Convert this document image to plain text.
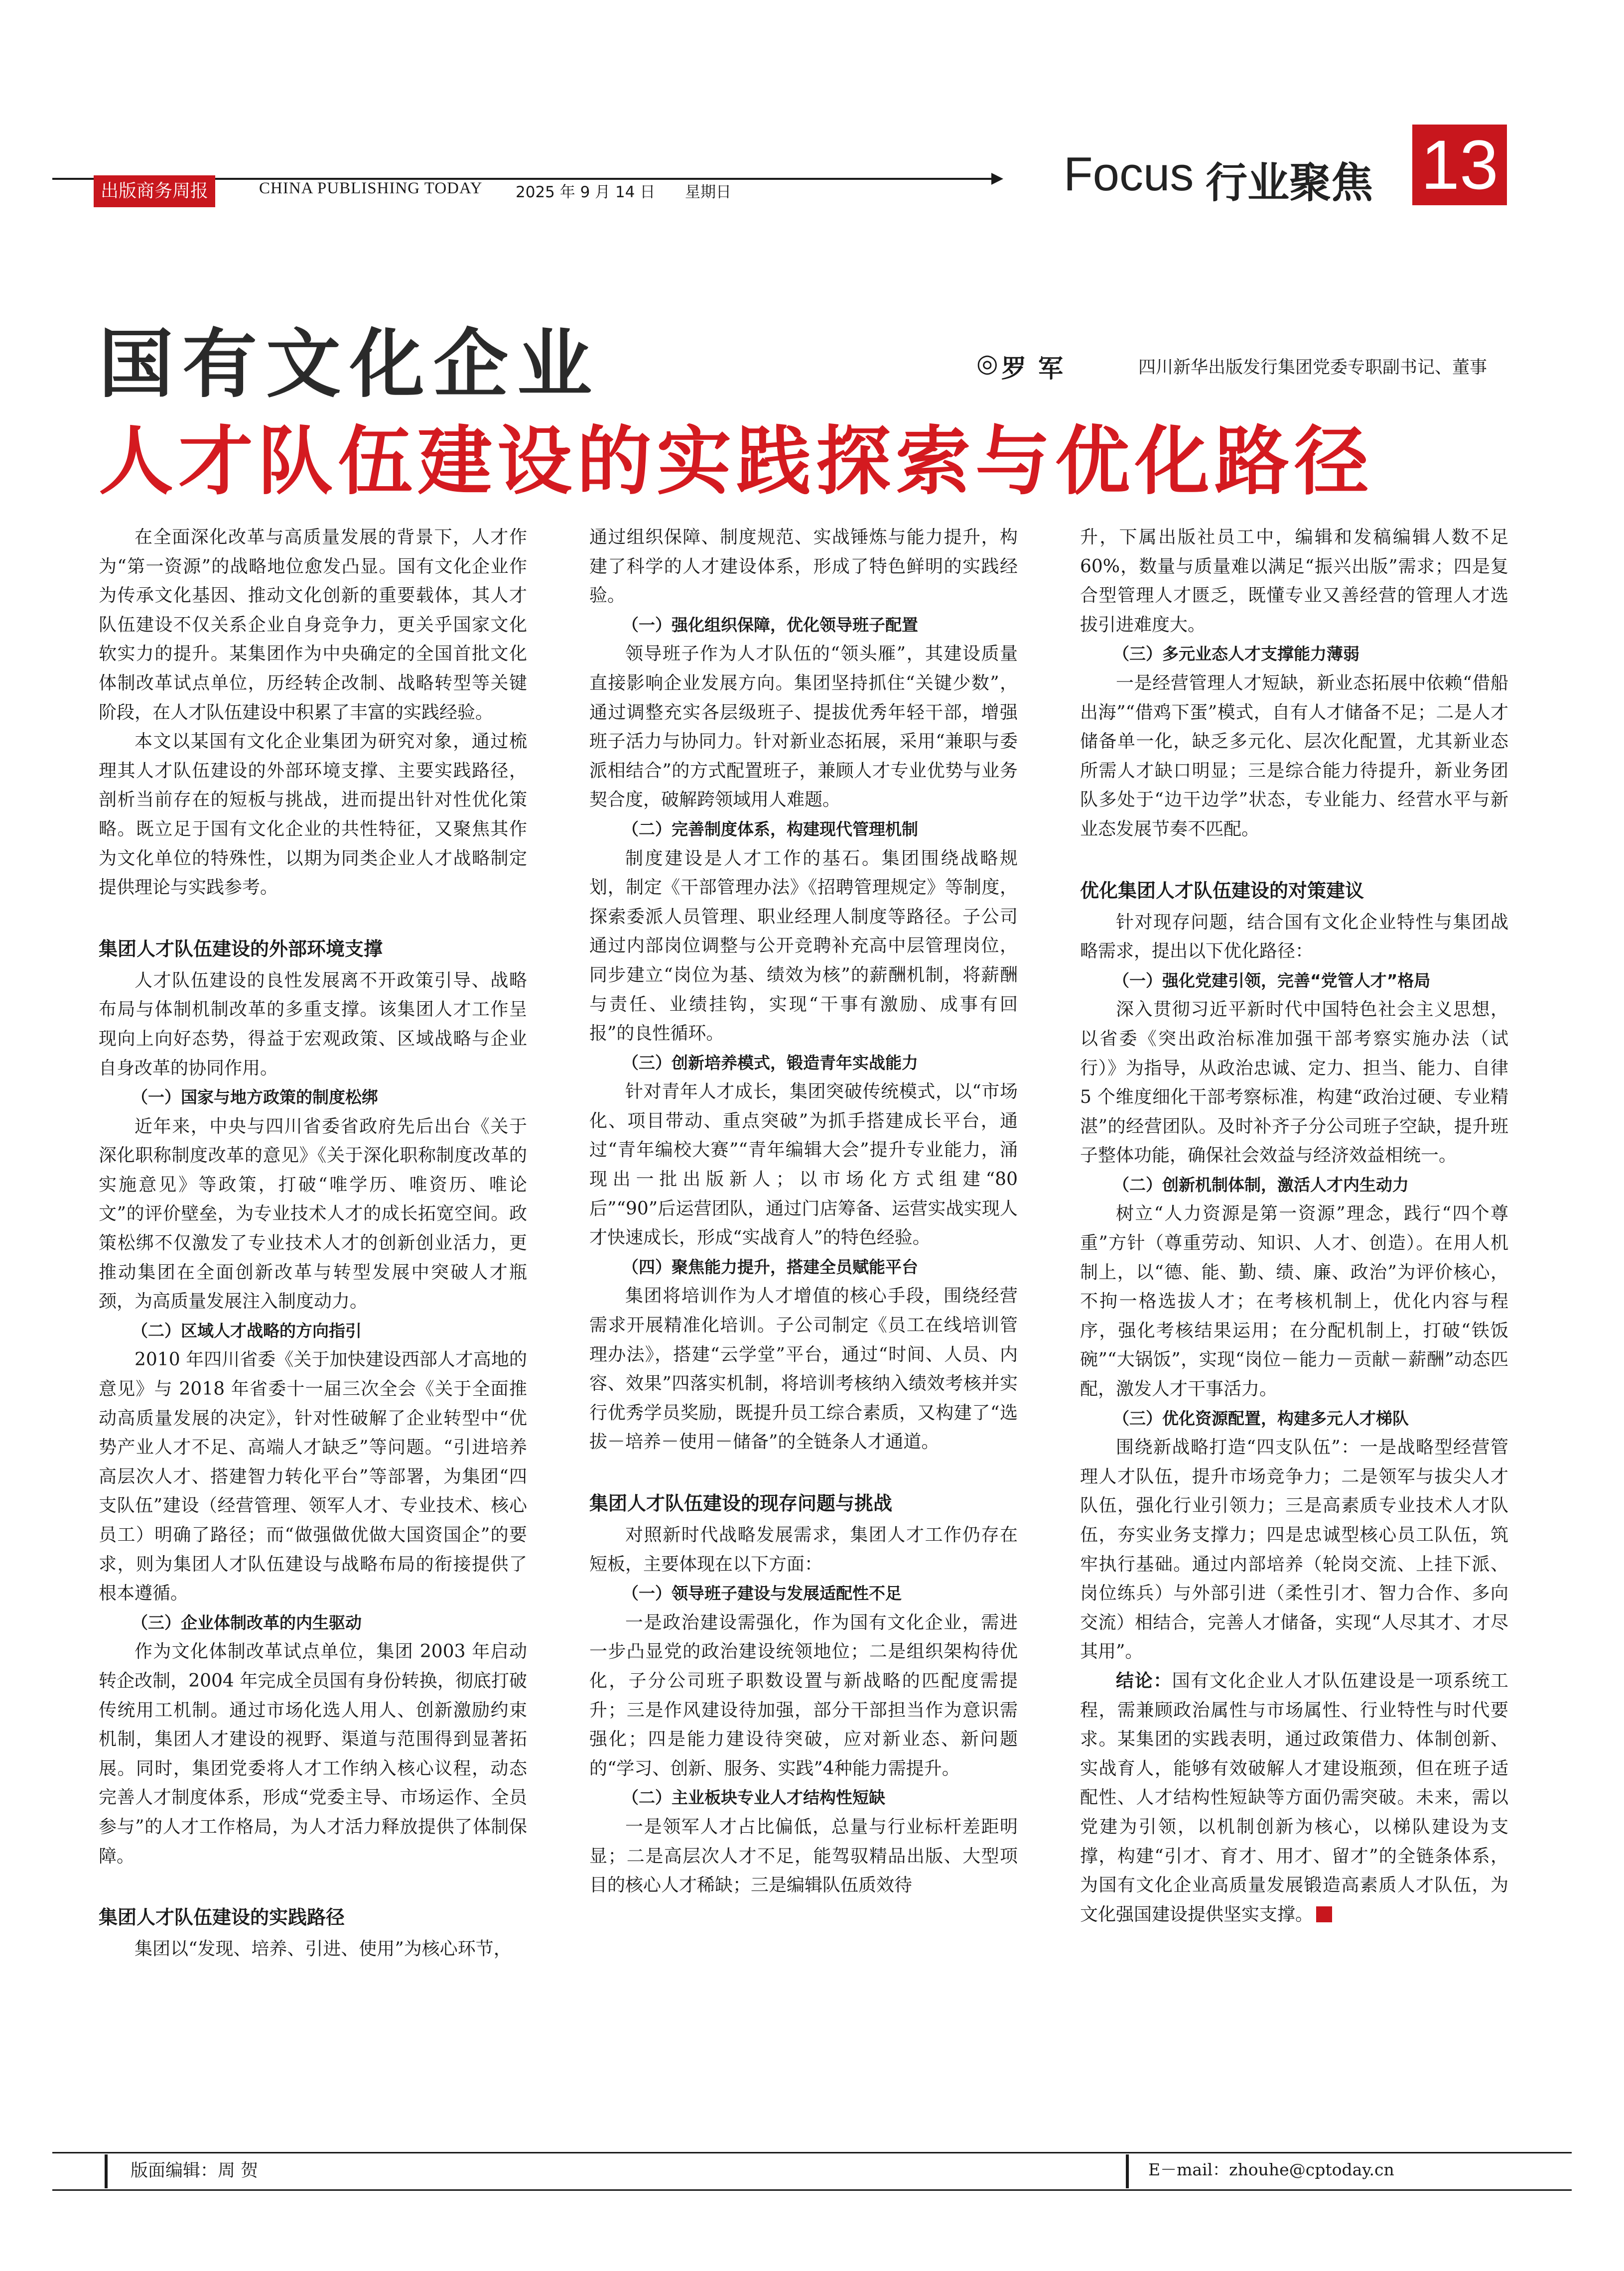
出版商务周报	CHINA PUBLISHING TODAY 2025 年 9 月 14 日 星期日	Focus 行业聚焦 13
国有文化企业
人才队伍建设的实践探索与优化路径
◎ 罗军	四川新华出版发行集团党委专职副书记、董事

在全面深化改革与高质量发展的背景下，人才作为“第一资源”的战略地位愈发凸显。国有文化企业作为传承文化基因、推动文化创新的重要载体，其人才队伍建设不仅关系企业自身竞争力，更关乎国家文化软实力的提升。某集团作为中央确定的全国首批文化体制改革试点单位，历经转企改制、战略转型等关键阶段，在人才队伍建设中积累了丰富的实践经验。

本文以某国有文化企业集团为研究对象，通过梳理其人才队伍建设的外部环境支撑、主要实践路径，剖析当前存在的短板与挑战，进而提出针对性优化策略。既立足于国有文化企业的共性特征，又聚焦其作为文化单位的特殊性，以期为同类企业人才战略制定提供理论与实践参考。

集团人才队伍建设的外部环境支撑

人才队伍建设的良性发展离不开政策引导、战略布局与体制机制改革的多重支撑。该集团人才工作呈现向上向好态势，得益于宏观政策、区域战略与企业自身改革的协同作用。

（一）国家与地方政策的制度松绑

近年来，中央与四川省委省政府先后出台《关于深化职称制度改革的意见》《关于深化职称制度改革的实施意见》等政策，打破“唯学历、唯资历、唯论文”的评价壁垒，为专业技术人才的成长拓宽空间。政策松绑不仅激发了专业技术人才的创新创业活力，更推动集团在全面创新改革与转型发展中突破人才瓶颈，为高质量发展注入制度动力。

（二）区域人才战略的方向指引

2010 年四川省委《关于加快建设西部人才高地的意见》与 2018 年省委十一届三次全会《关于全面推动高质量发展的决定》，针对性破解了企业转型中“优势产业人才不足、高端人才缺乏”等问题。“引进培养高层次人才、搭建智力转化平台”等部署，为集团“四支队伍”建设（经营管理、领军人才、专业技术、核心员工）明确了路径；而“做强做优做大国资国企”的要求，则为集团人才队伍建设与战略布局的衔接提供了根本遵循。

（三）企业体制改革的内生驱动

作为文化体制改革试点单位，集团 2003 年启动转企改制，2004 年完成全员国有身份转换，彻底打破传统用工机制。通过市场化选人用人、创新激励约束机制，集团人才建设的视野、渠道与范围得到显著拓展。同时，集团党委将人才工作纳入核心议程，动态完善人才制度体系，形成“党委主导、市场运作、全员参与”的人才工作格局，为人才活力释放提供了体制保障。

集团人才队伍建设的实践路径

集团以“发现、培养、引进、使用”为核心环节，

通过组织保障、制度规范、实战锤炼与能力提升，构建了科学的人才建设体系，形成了特色鲜明的实践经验。

（一）强化组织保障，优化领导班子配置

领导班子作为人才队伍的“领头雁”，其建设质量直接影响企业发展方向。集团坚持抓住“关键少数”，通过调整充实各层级班子、提拔优秀年轻干部，增强班子活力与协同力。针对新业态拓展，采用“兼职与委派相结合”的方式配置班子，兼顾人才专业优势与业务契合度，破解跨领域用人难题。

（二）完善制度体系，构建现代管理机制

制度建设是人才工作的基石。集团围绕战略规划，制定《干部管理办法》《招聘管理规定》等制度，探索委派人员管理、职业经理人制度等路径。子公司通过内部岗位调整与公开竞聘补充高中层管理岗位，同步建立“岗位为基、绩效为核”的薪酬机制，将薪酬与责任、业绩挂钩，实现“干事有激励、成事有回报”的良性循环。

（三）创新培养模式，锻造青年实战能力

针对青年人才成长，集团突破传统模式，以“市场化、项目带动、重点突破”为抓手搭建成长平台，通过“青年编校大赛”“青年编辑大会”提升专业能力，涌现出一批出版新人；以市场化方式组建“80 后”“90”后运营团队，通过门店筹备、运营实战实现人才快速成长，形成“实战育人”的特色经验。

（四）聚焦能力提升，搭建全员赋能平台

集团将培训作为人才增值的核心手段，围绕经营需求开展精准化培训。子公司制定《员工在线培训管理办法》，搭建“云学堂”平台，通过“时间、人员、内容、效果”四落实机制，将培训考核纳入绩效考核并实行优秀学员奖励，既提升员工综合素质，又构建了“选拔－培养－使用－储备”的全链条人才通道。

集团人才队伍建设的现存问题与挑战

对照新时代战略发展需求，集团人才工作仍存在短板，主要体现在以下方面：

（一）领导班子建设与发展适配性不足

一是政治建设需强化，作为国有文化企业，需进一步凸显党的政治建设统领地位；二是组织架构待优化，子分公司班子职数设置与新战略的匹配度需提升；三是作风建设待加强，部分干部担当作为意识需强化；四是能力建设待突破，应对新业态、新问题的“学习、创新、服务、实践”4种能力需提升。

（二）主业板块专业人才结构性短缺

一是领军人才占比偏低，总量与行业标杆差距明显；二是高层次人才不足，能驾驭精品出版、大型项目的核心人才稀缺；三是编辑队伍质效待

升，下属出版社员工中，编辑和发稿编辑人数不足 60%，数量与质量难以满足“振兴出版”需求；四是复合型管理人才匮乏，既懂专业又善经营的管理人才选拔引进难度大。

（三）多元业态人才支撑能力薄弱

一是经营管理人才短缺，新业态拓展中依赖“借船出海”“借鸡下蛋”模式，自有人才储备不足；二是人才储备单一化，缺乏多元化、层次化配置，尤其新业态所需人才缺口明显；三是综合能力待提升，新业务团队多处于“边干边学”状态，专业能力、经营水平与新业态发展节奏不匹配。

优化集团人才队伍建设的对策建议

针对现存问题，结合国有文化企业特性与集团战略需求，提出以下优化路径：

（一）强化党建引领，完善“党管人才”格局

深入贯彻习近平新时代中国特色社会主义思想，以省委《突出政治标准加强干部考察实施办法（试行）》为指导，从政治忠诚、定力、担当、能力、自律 5 个维度细化干部考察标准，构建“政治过硬、专业精湛”的经营团队。及时补齐子分公司班子空缺，提升班子整体功能，确保社会效益与经济效益相统一。

（二）创新机制体制，激活人才内生动力

树立“人力资源是第一资源”理念，践行“四个尊重”方针（尊重劳动、知识、人才、创造）。在用人机制上，以“德、能、勤、绩、廉、政治”为评价核心，不拘一格选拔人才；在考核机制上，优化内容与程序，强化考核结果运用；在分配机制上，打破“铁饭碗”“大锅饭”，实现“岗位－能力－贡献－薪酬”动态匹配，激发人才干事活力。

（三）优化资源配置，构建多元人才梯队

围绕新战略打造“四支队伍”：一是战略型经营管理人才队伍，提升市场竞争力；二是领军与拔尖人才队伍，强化行业引领力；三是高素质专业技术人才队伍，夯实业务支撑力；四是忠诚型核心员工队伍，筑牢执行基础。通过内部培养（轮岗交流、上挂下派、岗位练兵）与外部引进（柔性引才、智力合作、多向交流）相结合，完善人才储备，实现“人尽其才、才尽其用”。

结论：国有文化企业人才队伍建设是一项系统工程，需兼顾政治属性与市场属性、行业特性与时代要求。某集团的实践表明，通过政策借力、体制创新、实战育人，能够有效破解人才建设瓶颈，但在班子适配性、人才结构性短缺等方面仍需突破。未来，需以党建为引领，以机制创新为核心，以梯队建设为支撑，构建“引才、育才、用才、留才”的全链条体系，为国有文化企业高质量发展锻造高素质人才队伍，为文化强国建设提供坚实支撑。

版面编辑：周 贺	E－mail：zhouhe@cptoday.cn
